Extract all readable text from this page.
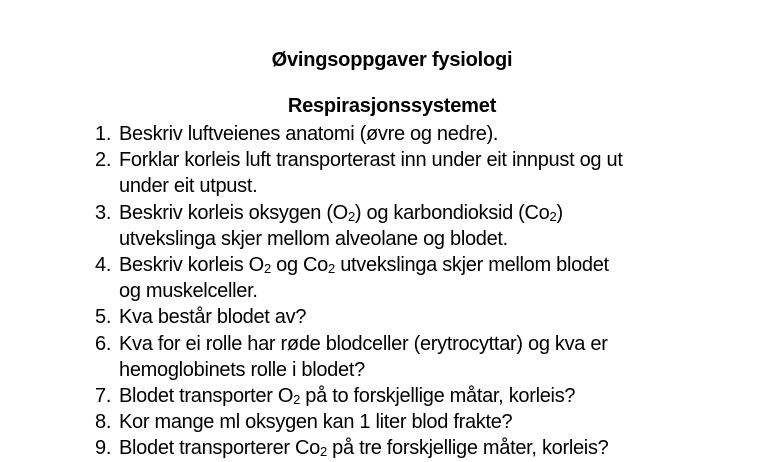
Øvingsoppgaver fysiologi
Respirasjonssystemet
1. Beskriv luftveienes anatomi (øvre og nedre).
2. Forklar korleis luft transporterast inn under eit innpust og ut
under eit utpust.
3. Beskriv korleis oksygen $(O_2)$ og karbondioksid $(Co_2)$
utvekslinga skjer mellom alveolane og blodet.
4. Beskriv korleis $O_2$ og $Co_2$ utvekslinga skjer mellom blodet
og muskelceller.
5. Kva består blodet av?
6. Kva for ei rolle har røde blodceller (erytrocyttar) og kva er
hemoglobinets rolle i blodet?
7. Blodet transporter $O_2$ på to forskjellige måtar, korleis?
8. Kor mange ml oksygen kan 1 liter blod frakte?
9. Blodet transporterer $Co_2$ på tre forskjellige måter, korleis?
